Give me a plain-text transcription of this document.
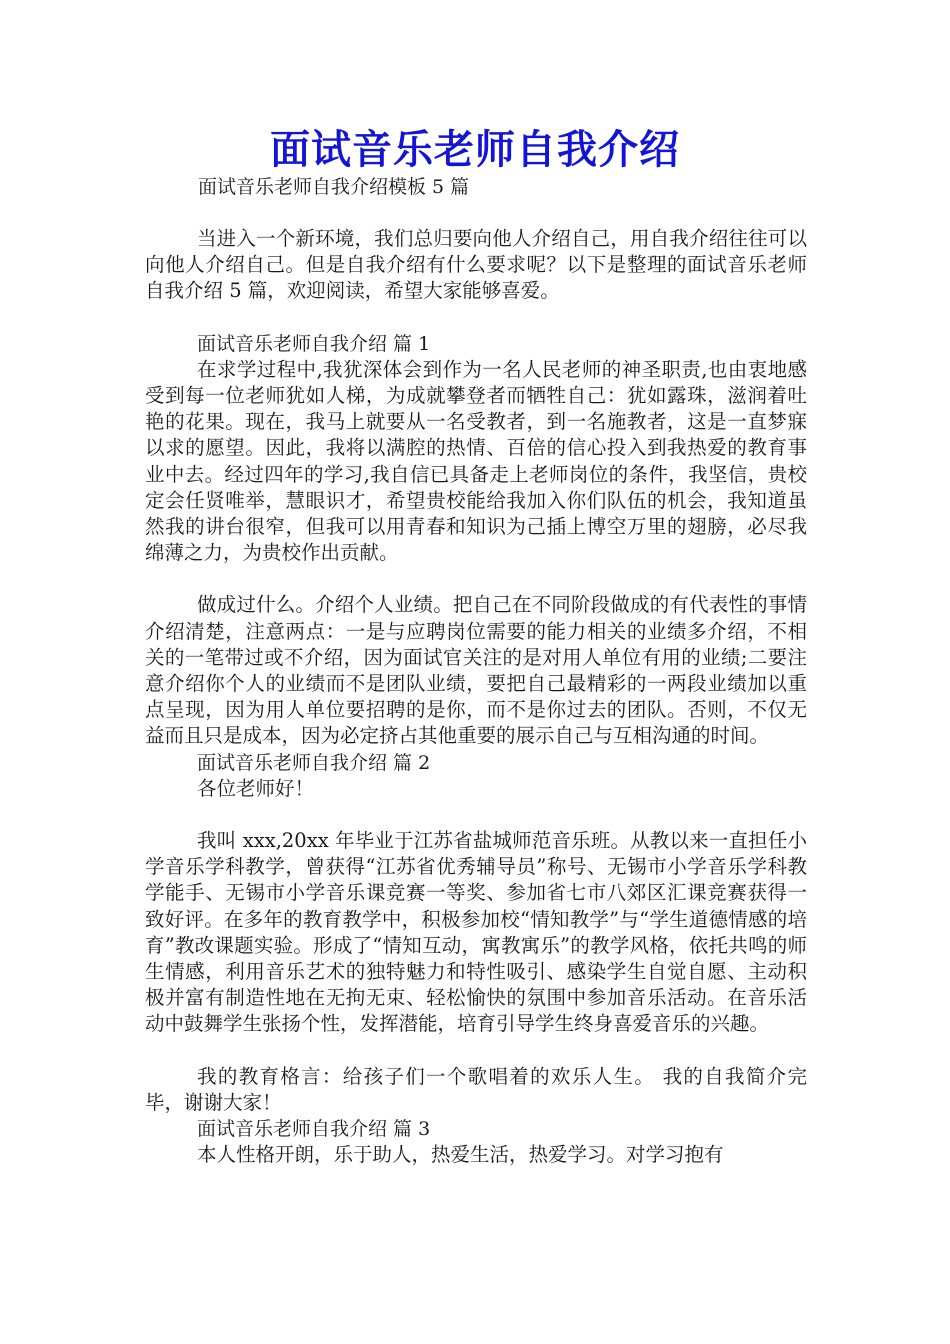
面试音乐老师自我介绍
面试音乐老师自我介绍模板 5 篇

当进入一个新环境，我们总归要向他人介绍自己，用自我介绍往往可以向他人介绍自己。但是自我介绍有什么要求呢？以下是整理的面试音乐老师自我介绍 5 篇，欢迎阅读，希望大家能够喜爱。

面试音乐老师自我介绍 篇 1

在求学过程中,我犹深体会到作为一名人民老师的神圣职责,也由衷地感受到每一位老师犹如人梯，为成就攀登者而牺牲自己：犹如露珠，滋润着吐艳的花果。现在，我马上就要从一名受教者，到一名施教者，这是一直梦寐以求的愿望。因此，我将以满腔的热情、百倍的信心投入到我热爱的教育事业中去。经过四年的学习,我自信已具备走上老师岗位的条件，我坚信，贵校定会任贤唯举，慧眼识才，希望贵校能给我加入你们队伍的机会，我知道虽然我的讲台很窄，但我可以用青春和知识为己插上博空万里的翅膀，必尽我绵薄之力，为贵校作出贡献。

做成过什么。介绍个人业绩。把自己在不同阶段做成的有代表性的事情介绍清楚，注意两点：一是与应聘岗位需要的能力相关的业绩多介绍，不相关的一笔带过或不介绍，因为面试官关注的是对用人单位有用的业绩;二要注意介绍你个人的业绩而不是团队业绩，要把自己最精彩的一两段业绩加以重点呈现，因为用人单位要招聘的是你，而不是你过去的团队。否则，不仅无益而且只是成本，因为必定挤占其他重要的展示自己与互相沟通的时间。

面试音乐老师自我介绍 篇 2

各位老师好！

我叫 xxx,20xx 年毕业于江苏省盐城师范音乐班。从教以来一直担任小学音乐学科教学，曾获得“江苏省优秀辅导员”称号、无锡市小学音乐学科教学能手、无锡市小学音乐课竞赛一等奖、参加省七市八郊区汇课竞赛获得一致好评。在多年的教育教学中，积极参加校“情知教学”与“学生道德情感的培育”教改课题实验。形成了“情知互动，寓教寓乐”的教学风格，依托共鸣的师生情感，利用音乐艺术的独特魅力和特性吸引、感染学生自觉自愿、主动积极并富有制造性地在无拘无束、轻松愉快的氛围中参加音乐活动。在音乐活动中鼓舞学生张扬个性，发挥潜能，培育引导学生终身喜爱音乐的兴趣。

我的教育格言：给孩子们一个歌唱着的欢乐人生。 我的自我简介完毕，谢谢大家！

面试音乐老师自我介绍 篇 3

本人性格开朗，乐于助人，热爱生活，热爱学习。对学习抱有
